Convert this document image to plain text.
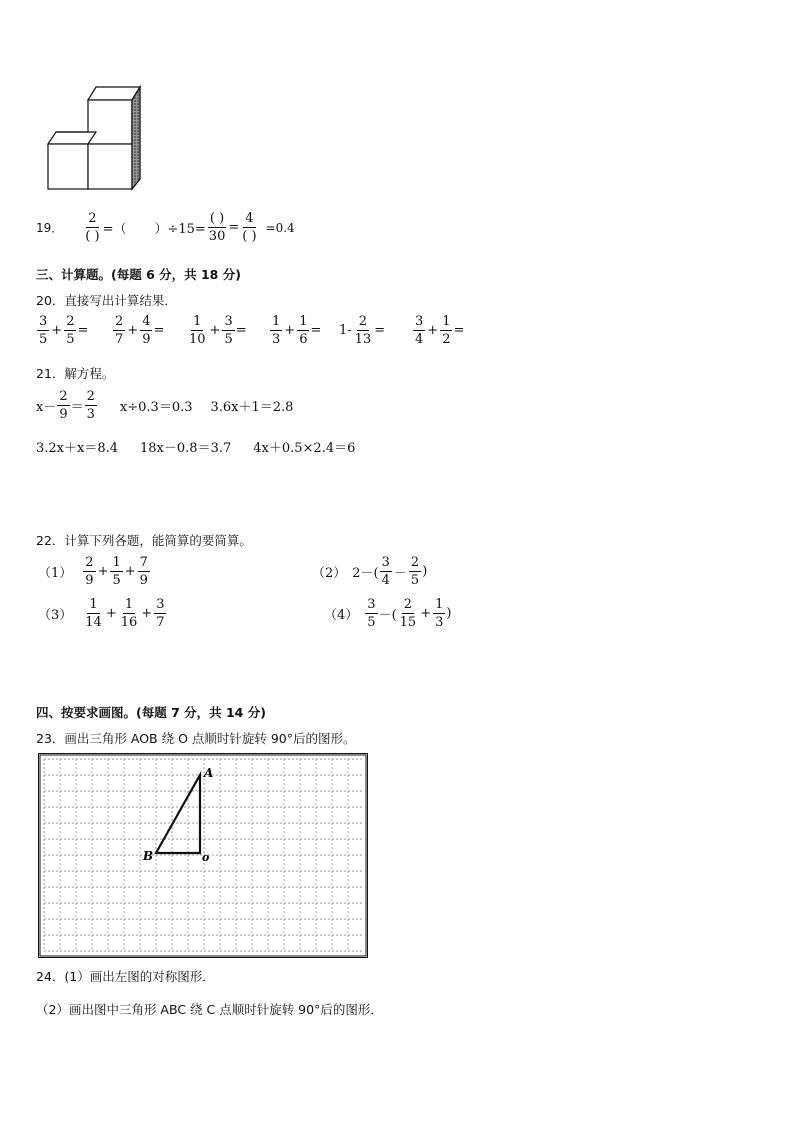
19． $\frac{2}{( )}$ =（
　　 ）$\div 15= \frac{( )}{30} = \frac{4}{( )} =0.4$
三、计算题。(每题 6 分，共 18 分)
20．直接写出计算结果．
$\frac{3}{5} + \frac{2}{5} = \frac{2}{7} + \frac{4}{9} = \frac{1}{10} + \frac{3}{5} = \frac{1}{3} + \frac{1}{6} = 1- \frac{2}{13} = \frac{3}{4} + \frac{1}{2}$ =
21．解方程。
$x- \frac{2}{9} = \frac{2}{3} x\div 0.3=0.3$ 3.6x＋1＝2.8
3.2x＋x＝8.4 18x－0.8＝3.7 4x＋0.5×2.4＝6
22．计算下列各题，能简算的要简算。
$(1) \frac{2}{9} + \frac{1}{5} + \frac{7}{9}$	（2） $2-( \frac{3}{4} - \frac{2}{5}$ )
$(3) \frac{1}{14} + \frac{1}{16} + \frac{3}{7}$	$(4) \frac{3}{5}$ －( $\frac{2}{15} + \frac{1}{3}$ )
四、按要求画图。(每题 7 分，共 14 分)
23．画出三角形 AOB 绕 O 点顺时针旋转 90°后的图形。
A
B	o
24．(1）画出左图的对称图形．
（2）画出图中三角形 ABC 绕 C 点顺时针旋转 90°后的图形．
